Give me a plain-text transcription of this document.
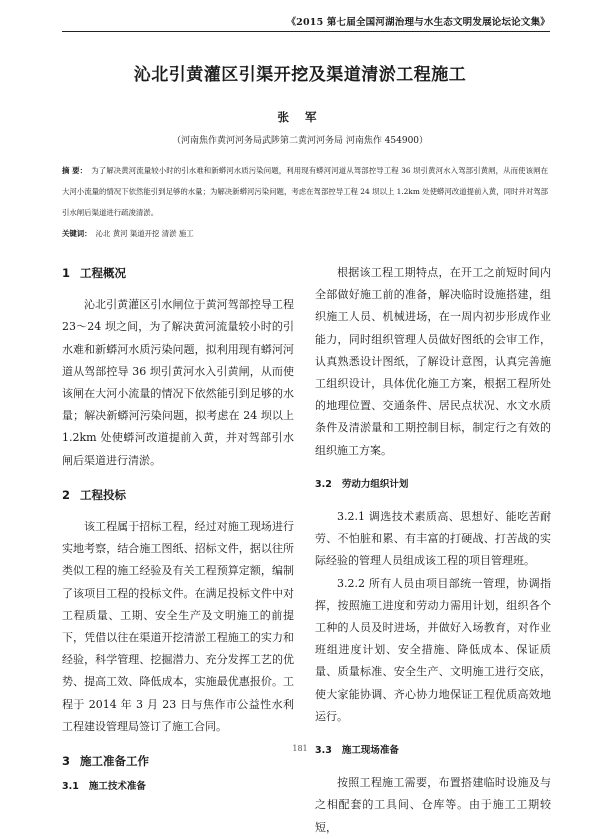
《2015 第七届全国河湖治理与水生态文明发展论坛论文集》
沁北引黄灌区引渠开挖及渠道清淤工程施工
张 军
（河南焦作黄河河务局武陟第二黄河河务局 河南焦作 454900）
摘 要： 为了解决黄河流量较小时的引水难和新蟒河水质污染问题，利用现有蟒河河道从驾部控导工程 36 坝引黄河水入驾部引黄闸，从而使该闸在大河小流量的情况下依然能引到足够的水量；为解决新蟒河污染问题，考虑在驾部控导工程 24 坝以上 1.2km 处使蟒河改道提前入黄，同时并对驾部引水闸后渠道进行疏浚清淤。
关键词： 沁北 黄河 渠道开挖 清淤 施工
1 工程概况

沁北引黄灌区引水闸位于黄河驾部控导工程 23～24 坝之间，为了解决黄河流量较小时的引水难和新蟒河水质污染问题，拟利用现有蟒河河道从驾部控导 36 坝引黄河水入引黄闸，从而使该闸在大河小流量的情况下依然能引到足够的水量；解决新蟒河污染问题，拟考虑在 24 坝以上 1.2km 处使蟒河改道提前入黄，并对驾部引水闸后渠道进行清淤。

2 工程投标

该工程属于招标工程，经过对施工现场进行实地考察，结合施工图纸、招标文件，据以往所类似工程的施工经验及有关工程预算定额，编制了该项目工程的投标文件。在满足投标文件中对工程质量、工期、安全生产及文明施工的前提下，凭借以往在渠道开挖清淤工程施工的实力和经验，科学管理、挖掘潜力、充分发挥工艺的优势、提高工效、降低成本，实施最优惠报价。工程于 2014 年 3 月 23 日与焦作市公益性水利工程建设管理局签订了施工合同。

3 施工准备工作
3.1 施工技术准备

根据该工程工期特点，在开工之前短时间内全部做好施工前的准备，解决临时设施搭建，组织施工人员、机械进场，在一周内初步形成作业能力，同时组织管理人员做好图纸的会审工作，认真熟悉设计图纸，了解设计意图，认真完善施工组织设计，具体优化施工方案，根据工程所处的地理位置、交通条件、居民点状况、水文水质条件及清淤量和工期控制目标，制定行之有效的组织施工方案。

3.2 劳动力组织计划

3.2.1 调选技术素质高、思想好、能吃苦耐劳、不怕脏和累、有丰富的打硬战、打苦战的实际经验的管理人员组成该工程的项目管理班。

3.2.2 所有人员由项目部统一管理，协调指挥，按照施工进度和劳动力需用计划，组织各个工种的人员及时进场，并做好入场教育，对作业班组进度计划、安全措施、降低成本、保证质量、质量标准、安全生产、文明施工进行交底，使大家能协调、齐心协力地保证工程优质高效地运行。

3.3 施工现场准备

按照工程施工需要，布置搭建临时设施及与之相配套的工具间、仓库等。由于施工工期较短，

181
